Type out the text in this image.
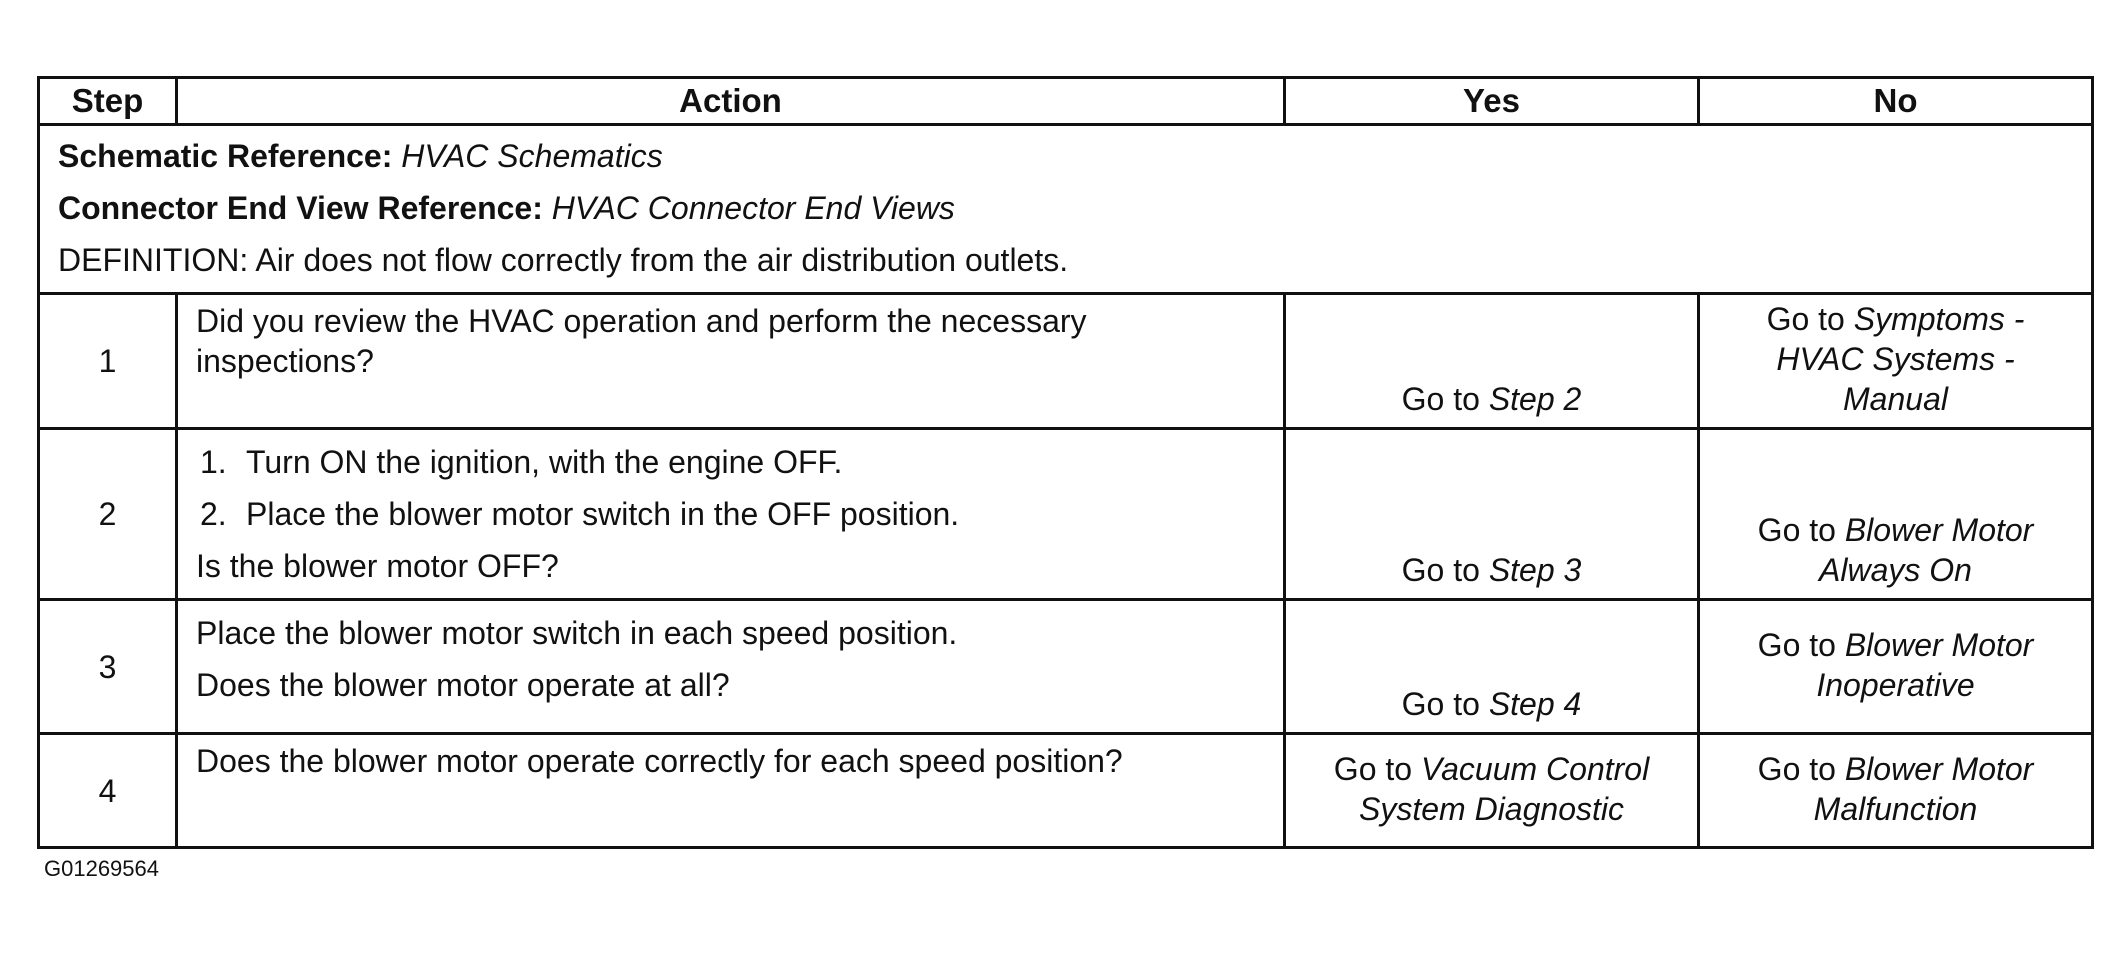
Step	Action	Yes	No

Schematic Reference: HVAC Schematics
Connector End View Reference: HVAC Connector End Views
DEFINITION: Air does not flow correctly from the air distribution outlets.			

1	Did you review the HVAC operation and perform the necessary inspections?	Go to Step 2	Go to Symptoms -
HVAC Systems -
Manual

2	1. Turn ON the ignition, with the engine OFF.
2. Place the blower motor switch in the OFF position.
Is the blower motor OFF?	Go to Step 3	Go to Blower Motor
Always On

3	Place the blower motor switch in each speed position.
Does the blower motor operate at all?	Go to Step 4	Go to Blower Motor
Inoperative

4	Does the blower motor operate correctly for each speed position?	Go to Vacuum Control
System Diagnostic	Go to Blower Motor
Malfunction
G01269564
